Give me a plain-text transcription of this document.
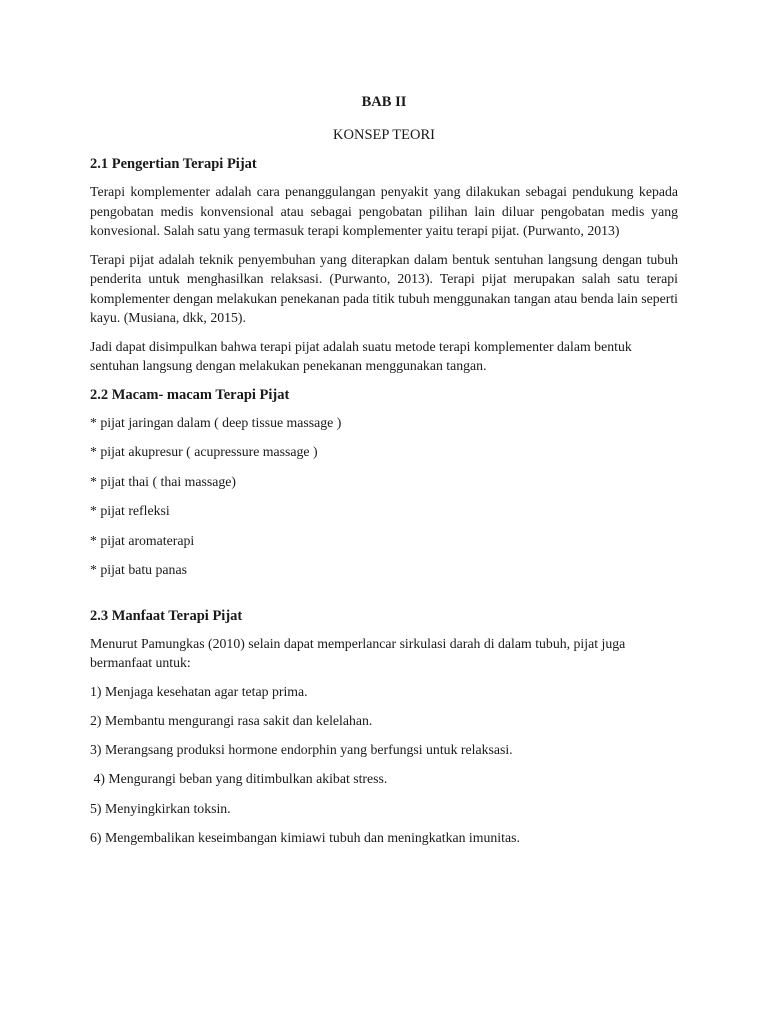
BAB II
KONSEP TEORI
2.1 Pengertian Terapi Pijat

Terapi komplementer adalah cara penanggulangan penyakit yang dilakukan sebagai pendukung kepada pengobatan medis konvensional atau sebagai pengobatan pilihan lain diluar pengobatan medis yang konvesional. Salah satu yang termasuk terapi komplementer yaitu terapi pijat. (Purwanto, 2013)

Terapi pijat adalah teknik penyembuhan yang diterapkan dalam bentuk sentuhan langsung dengan tubuh penderita untuk menghasilkan relaksasi. (Purwanto, 2013). Terapi pijat merupakan salah satu terapi komplementer dengan melakukan penekanan pada titik tubuh menggunakan tangan atau benda lain seperti kayu. (Musiana, dkk, 2015).

Jadi dapat disimpulkan bahwa terapi pijat adalah suatu metode terapi komplementer dalam bentuk sentuhan langsung dengan melakukan penekanan menggunakan tangan.

2.2 Macam- macam Terapi Pijat
* pijat jaringan dalam ( deep tissue massage )
* pijat akupresur ( acupressure massage )
* pijat thai ( thai massage)
* pijat refleksi
* pijat aromaterapi
* pijat batu panas
2.3 Manfaat Terapi Pijat

Menurut Pamungkas (2010) selain dapat memperlancar sirkulasi darah di dalam tubuh, pijat juga bermanfaat untuk:

1) Menjaga kesehatan agar tetap prima.
2) Membantu mengurangi rasa sakit dan kelelahan.
3) Merangsang produksi hormone endorphin yang berfungsi untuk relaksasi.
4) Mengurangi beban yang ditimbulkan akibat stress.
5) Menyingkirkan toksin.
6) Mengembalikan keseimbangan kimiawi tubuh dan meningkatkan imunitas.
